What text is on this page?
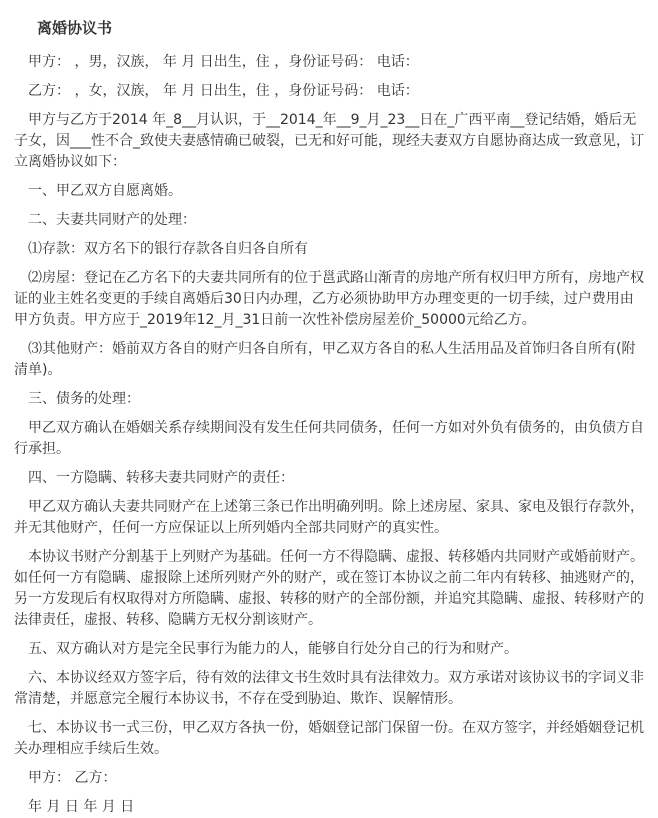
离婚协议书

甲方： ，男，汉族， 年 月 日出生，住 ，身份证号码： 电话：

乙方： ，女，汉族， 年 月 日出生，住 ，身份证号码： 电话：

甲方与乙方于2014 年_8__月认识，于__2014_年__9_月_23__日在_广西平南__登记结婚，婚后无子女，因___性不合_致使夫妻感情确已破裂，已无和好可能，现经夫妻双方自愿协商达成一致意见，订立离婚协议如下：

一、甲乙双方自愿离婚。

二、夫妻共同财产的处理：

⑴存款：双方名下的银行存款各自归各自所有

⑵房屋：登记在乙方名下的夫妻共同所有的位于邕武路山渐青的房地产所有权归甲方所有，房地产权证的业主姓名变更的手续自离婚后30日内办理，乙方必须协助甲方办理变更的一切手续，过户费用由甲方负责。甲方应于_2019年12_月_31日前一次性补偿房屋差价_50000元给乙方。

⑶其他财产：婚前双方各自的财产归各自所有，甲乙双方各自的私人生活用品及首饰归各自所有(附清单)。

三、债务的处理：

甲乙双方确认在婚姻关系存续期间没有发生任何共同债务，任何一方如对外负有债务的，由负债方自行承担。

四、一方隐瞒、转移夫妻共同财产的责任：

甲乙双方确认夫妻共同财产在上述第三条已作出明确列明。除上述房屋、家具、家电及银行存款外，并无其他财产，任何一方应保证以上所列婚内全部共同财产的真实性。

本协议书财产分割基于上列财产为基础。任何一方不得隐瞒、虚报、转移婚内共同财产或婚前财产。如任何一方有隐瞒、虚报除上述所列财产外的财产，或在签订本协议之前二年内有转移、抽逃财产的，另一方发现后有权取得对方所隐瞒、虚报、转移的财产的全部份额，并追究其隐瞒、虚报、转移财产的法律责任，虚报、转移、隐瞒方无权分割该财产。

五、双方确认对方是完全民事行为能力的人，能够自行处分自己的行为和财产。

六、本协议经双方签字后，待有效的法律文书生效时具有法律效力。双方承诺对该协议书的字词义非常清楚，并愿意完全履行本协议书，不存在受到胁迫、欺诈、误解情形。

七、本协议书一式三份，甲乙双方各执一份，婚姻登记部门保留一份。在双方签字，并经婚姻登记机关办理相应手续后生效。

甲方： 乙方：

年 月 日 年 月 日
